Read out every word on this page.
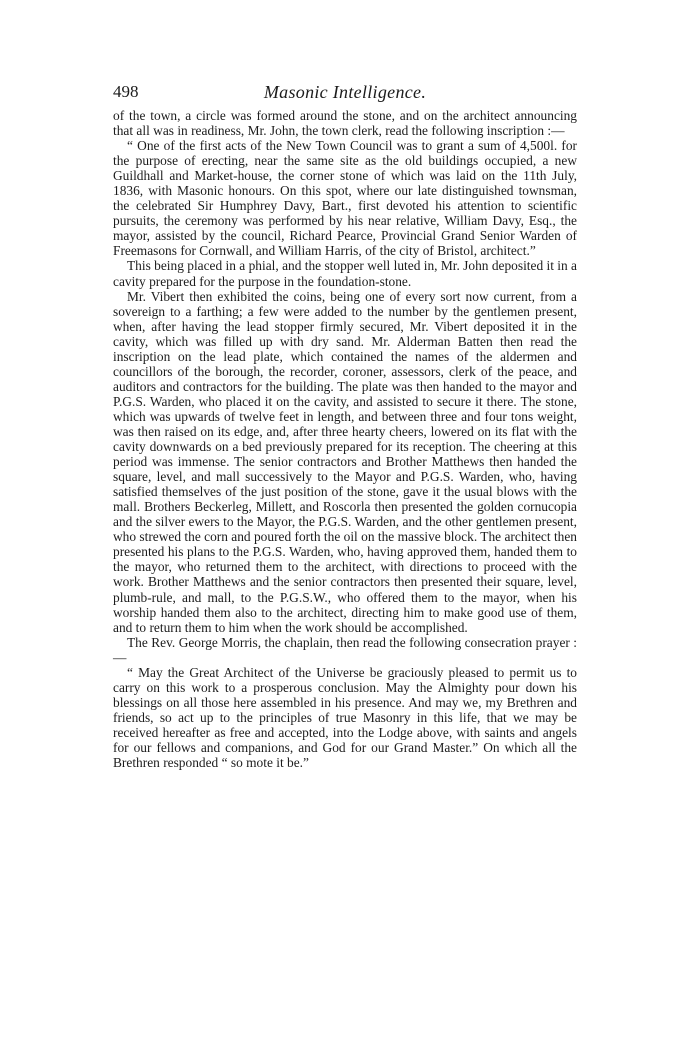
498	Masonic Intelligence.

of the town, a circle was formed around the stone, and on the architect announcing that all was in readiness, Mr. John, the town clerk, read the following inscription :—

“ One of the first acts of the New Town Council was to grant a sum of 4,500l. for the purpose of erecting, near the same site as the old buildings occupied, a new Guildhall and Market-house, the corner stone of which was laid on the 11th July, 1836, with Masonic honours. On this spot, where our late distinguished townsman, the celebrated Sir Humphrey Davy, Bart., first devoted his attention to scientific pursuits, the ceremony was performed by his near relative, William Davy, Esq., the mayor, assisted by the council, Richard Pearce, Provincial Grand Senior Warden of Freemasons for Cornwall, and William Harris, of the city of Bristol, architect.”

This being placed in a phial, and the stopper well luted in, Mr. John deposited it in a cavity prepared for the purpose in the foundation-stone.

Mr. Vibert then exhibited the coins, being one of every sort now current, from a sovereign to a farthing; a few were added to the number by the gentlemen present, when, after having the lead stopper firmly secured, Mr. Vibert deposited it in the cavity, which was filled up with dry sand. Mr. Alderman Batten then read the inscription on the lead plate, which contained the names of the aldermen and councillors of the borough, the recorder, coroner, assessors, clerk of the peace, and auditors and contractors for the building. The plate was then handed to the mayor and P.G.S. Warden, who placed it on the cavity, and assisted to secure it there. The stone, which was upwards of twelve feet in length, and between three and four tons weight, was then raised on its edge, and, after three hearty cheers, lowered on its flat with the cavity downwards on a bed previously prepared for its reception. The cheering at this period was immense. The senior contractors and Brother Matthews then handed the square, level, and mall successively to the Mayor and P.G.S. Warden, who, having satisfied themselves of the just position of the stone, gave it the usual blows with the mall. Brothers Beckerleg, Millett, and Roscorla then presented the golden cornucopia and the silver ewers to the Mayor, the P.G.S. Warden, and the other gentlemen present, who strewed the corn and poured forth the oil on the massive block. The architect then presented his plans to the P.G.S. Warden, who, having approved them, handed them to the mayor, who returned them to the architect, with directions to proceed with the work. Brother Matthews and the senior contractors then presented their square, level, plumb-rule, and mall, to the P.G.S.W., who offered them to the mayor, when his worship handed them also to the architect, directing him to make good use of them, and to return them to him when the work should be accomplished.

The Rev. George Morris, the chaplain, then read the following consecration prayer :—

“ May the Great Architect of the Universe be graciously pleased to permit us to carry on this work to a prosperous conclusion. May the Almighty pour down his blessings on all those here assembled in his presence. And may we, my Brethren and friends, so act up to the principles of true Masonry in this life, that we may be received hereafter as free and accepted, into the Lodge above, with saints and angels for our fellows and companions, and God for our Grand Master.” On which all the Brethren responded “ so mote it be.”
